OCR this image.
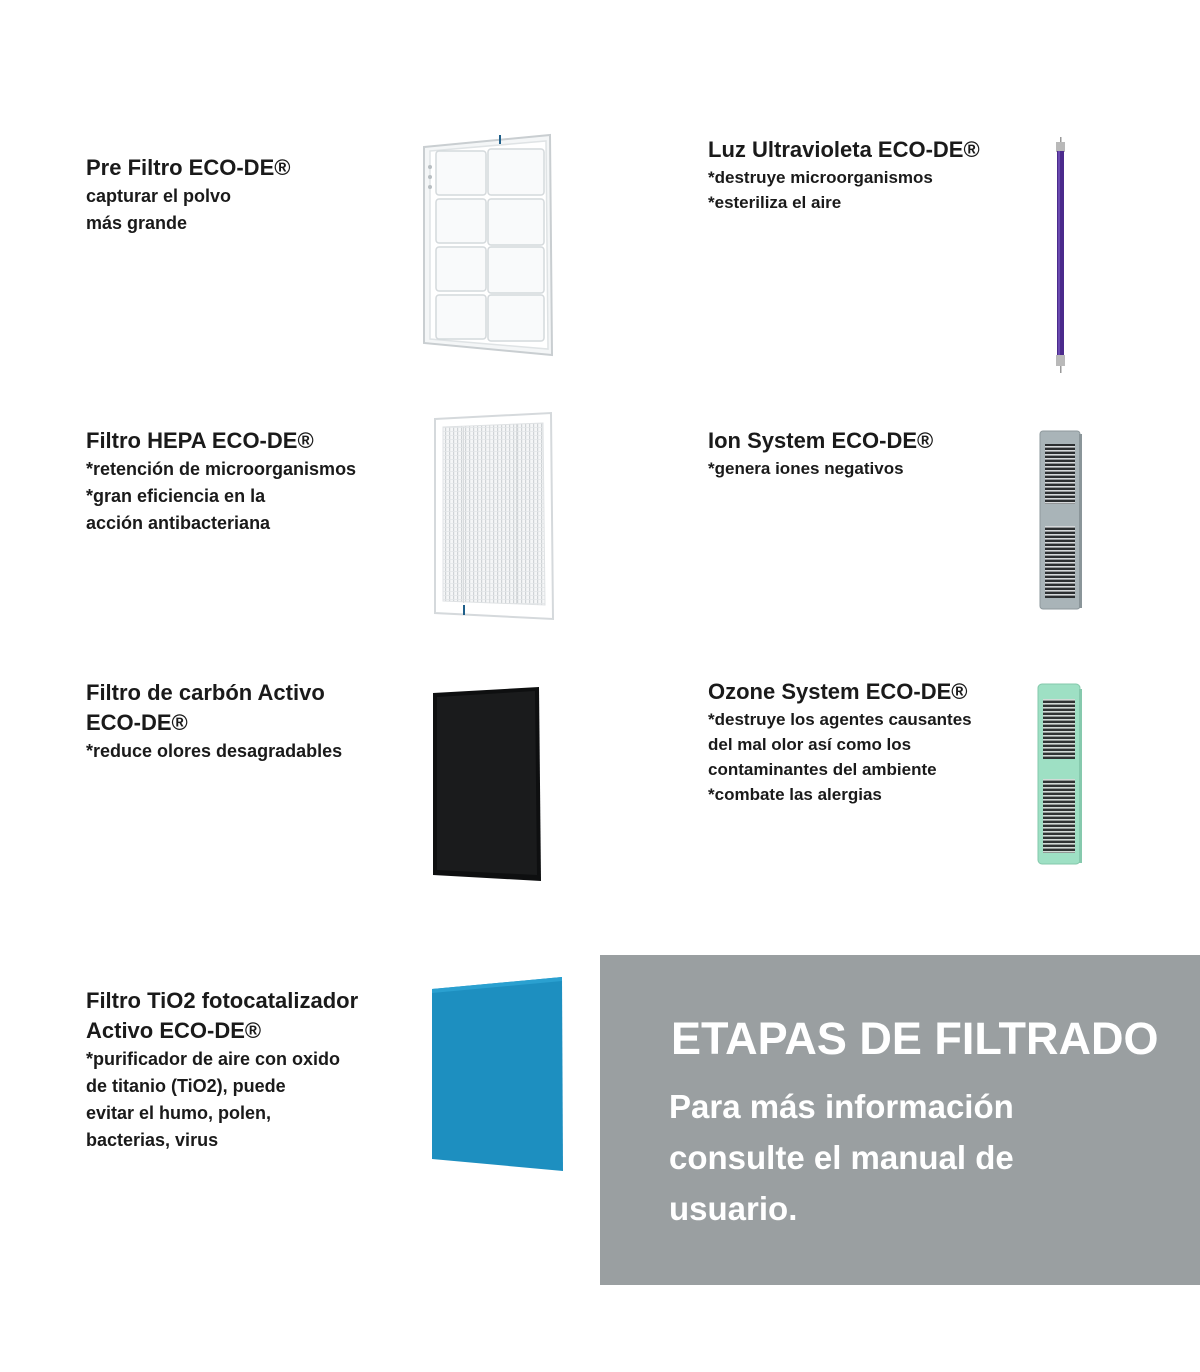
Pre Filtro ECO-DE®

capturar el polvo
más grande

Filtro HEPA ECO-DE®

*retención de microorganismos
*gran eficiencia en la
acción antibacteriana

Filtro de carbón Activo
ECO-DE®

*reduce olores desagradables

Filtro TiO2 fotocatalizador
Activo ECO-DE®

*purificador de aire con oxido
de titanio (TiO2), puede
evitar el humo, polen,
bacterias, virus

Luz Ultravioleta ECO-DE®

*destruye microorganismos
*esteriliza el aire

Ion System ECO-DE®

*genera iones negativos

Ozone System ECO-DE®

*destruye los agentes causantes
del mal olor así como los
contaminantes del ambiente
*combate las alergias

ETAPAS DE FILTRADO

Para más información
consulte el manual de
usuario.
